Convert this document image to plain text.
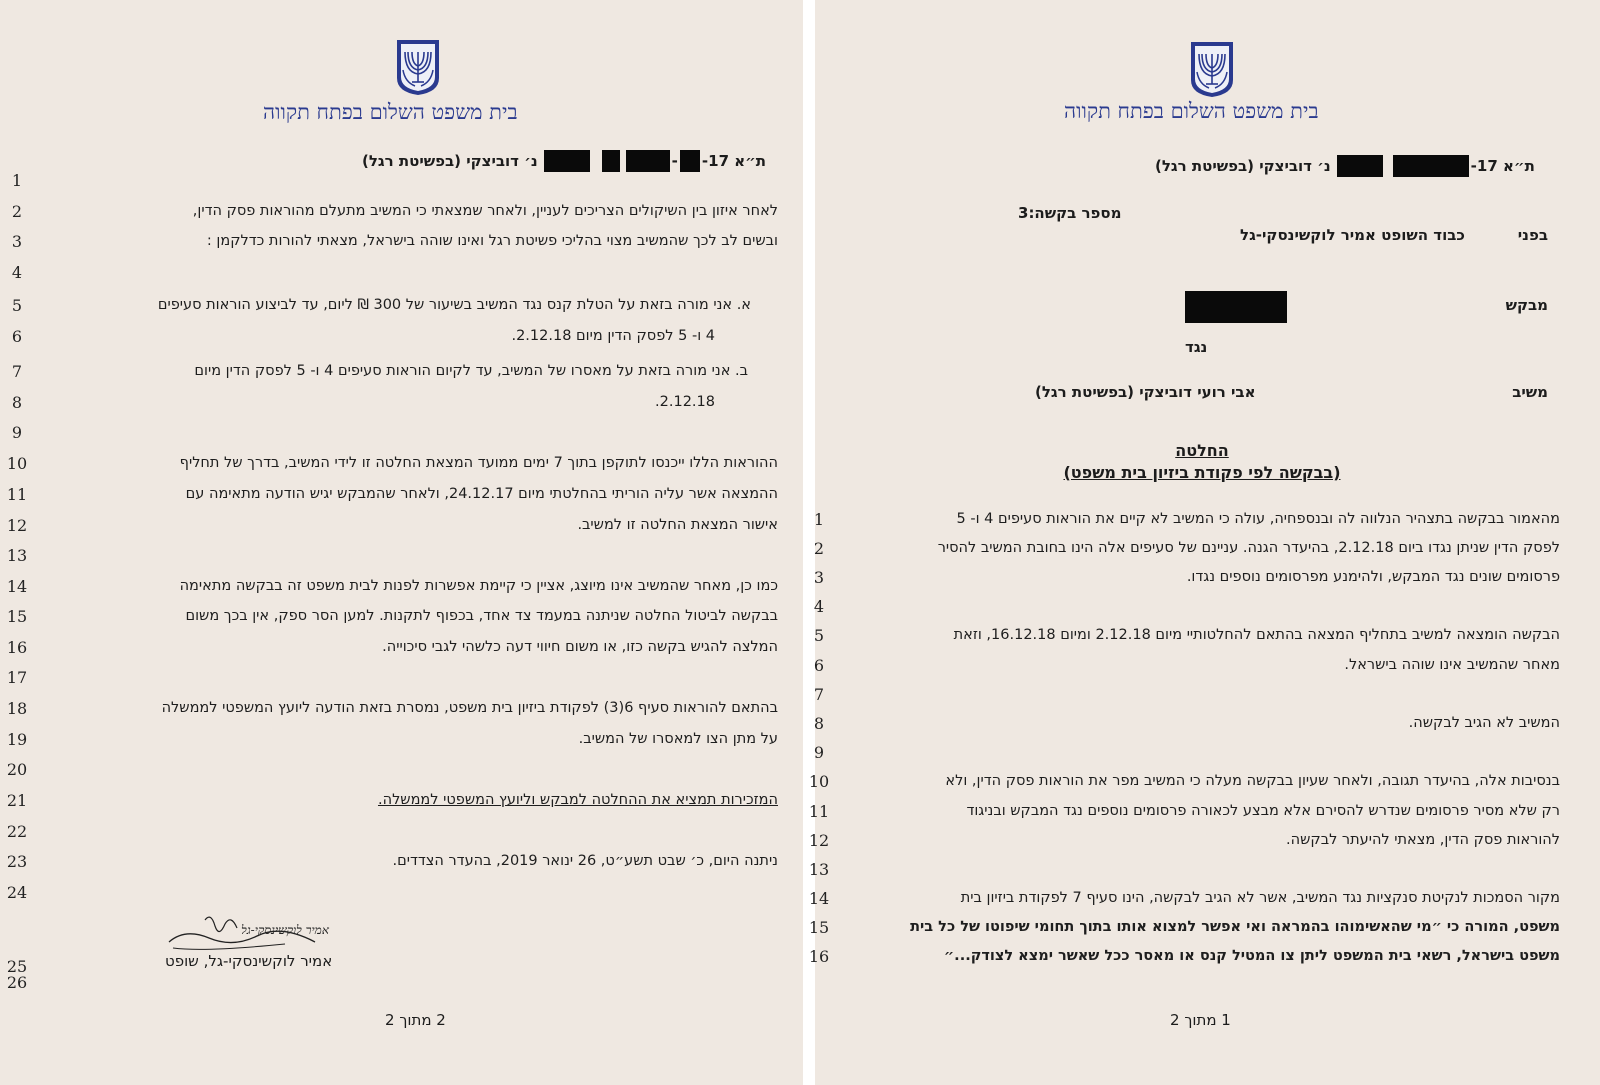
בית משפט השלום בפתח תקווה
ת״א 17-
-
נ׳ דוביצקי (בפשיטת רגל)
1
2
3
4
5
6
7
8
9
10
11
12
13
14
15
16
17
18
19
20
21
22
23
24
25
26
לאחר איזון בין השיקולים הצריכים לעניין, ולאחר שמצאתי כי המשיב מתעלם מהוראות פסק הדין,
ובשים לב לכך שהמשיב מצוי בהליכי פשיטת רגל ואינו שוהה בישראל, מצאתי להורות כדלקמן :
א. אני מורה בזאת על הטלת קנס נגד המשיב בשיעור של 300 ₪ ליום, עד לביצוע הוראות סעיפים
4 ו- 5 לפסק הדין מיום 2.12.18.
ב. אני מורה בזאת על מאסרו של המשיב, עד לקיום הוראות סעיפים 4 ו- 5 לפסק הדין מיום
2.12.18.
ההוראות הללו ייכנסו לתוקפן בתוך 7 ימים ממועד המצאת החלטה זו לידי המשיב, בדרך של תחליף
ההמצאה אשר עליה הוריתי בהחלטתי מיום 24.12.17, ולאחר שהמבקש יגיש הודעה מתאימה עם
אישור המצאת החלטה זו למשיב.
כמו כן, מאחר שהמשיב אינו מיוצג, אציין כי קיימת אפשרות לפנות לבית משפט זה בבקשה מתאימה
בבקשה לביטול החלטה שניתנה במעמד צד אחד, בכפוף לתקנות. למען הסר ספק, אין בכך משום
המלצה להגיש בקשה כזו, או משום חיווי דעה כלשהי לגבי סיכוייה.
בהתאם להוראות סעיף 6(3) לפקודת ביזיון בית משפט, נמסרת בזאת הודעה ליועץ המשפטי לממשלה
על מתן הצו למאסרו של המשיב.
המזכירות תמציא את ההחלטה למבקש וליועץ המשפטי לממשלה.
ניתנה היום, כ׳ שבט תשע״ט, 26 ינואר 2019, בהעדר הצדדים.
אמיר לוקשינסקי-גל
אמיר לוקשינסקי-גל, שופט
2 מתוך 2
בית משפט השלום בפתח תקווה
ת״א 17-
נ׳ דוביצקי (בפשיטת רגל)
מספר בקשה:3
בפני
כבוד השופט אמיר לוקשינסקי-גל
מבקש
נגד
משיב
אבי רועי דוביצקי (בפשיטת רגל)
החלטה
(בבקשה לפי פקודת ביזיון בית משפט)
1
2
3
4
5
6
7
8
9
10
11
12
13
14
15
16
מהאמור בבקשה בתצהיר הנלווה לה ובנספחיה, עולה כי המשיב לא קיים את הוראות סעיפים 4 ו- 5
לפסק הדין שניתן נגדו ביום 2.12.18, בהיעדר הגנה. עניינם של סעיפים אלה הינו בחובת המשיב להסיר
פרסומים שונים נגד המבקש, ולהימנע מפרסומים נוספים נגדו.
הבקשה הומצאה למשיב בתחליף המצאה בהתאם להחלטותיי מיום 2.12.18 ומיום 16.12.18, וזאת
מאחר שהמשיב אינו שוהה בישראל.
המשיב לא הגיב לבקשה.
בנסיבות אלה, בהיעדר תגובה, ולאחר שעיון בבקשה מעלה כי המשיב מפר את הוראות פסק הדין, ולא
רק שלא מסיר פרסומים שנדרש להסירם אלא מבצע לכאורה פרסומים נוספים נגד המבקש ובניגוד
להוראות פסק הדין, מצאתי להיעתר לבקשה.
מקור הסמכות לנקיטת סנקציות נגד המשיב, אשר לא הגיב לבקשה, הינו סעיף 7 לפקודת ביזיון בית
משפט, המורה כי ״מי שהאשימוהו בהמראה ואי אפשר למצוא אותו בתוך תחומי שיפוטו של כל בית
משפט בישראל, רשאי בית המשפט ליתן צו המטיל קנס או מאסר ככל שאשר ימצא לצודק...״
1 מתוך 2
